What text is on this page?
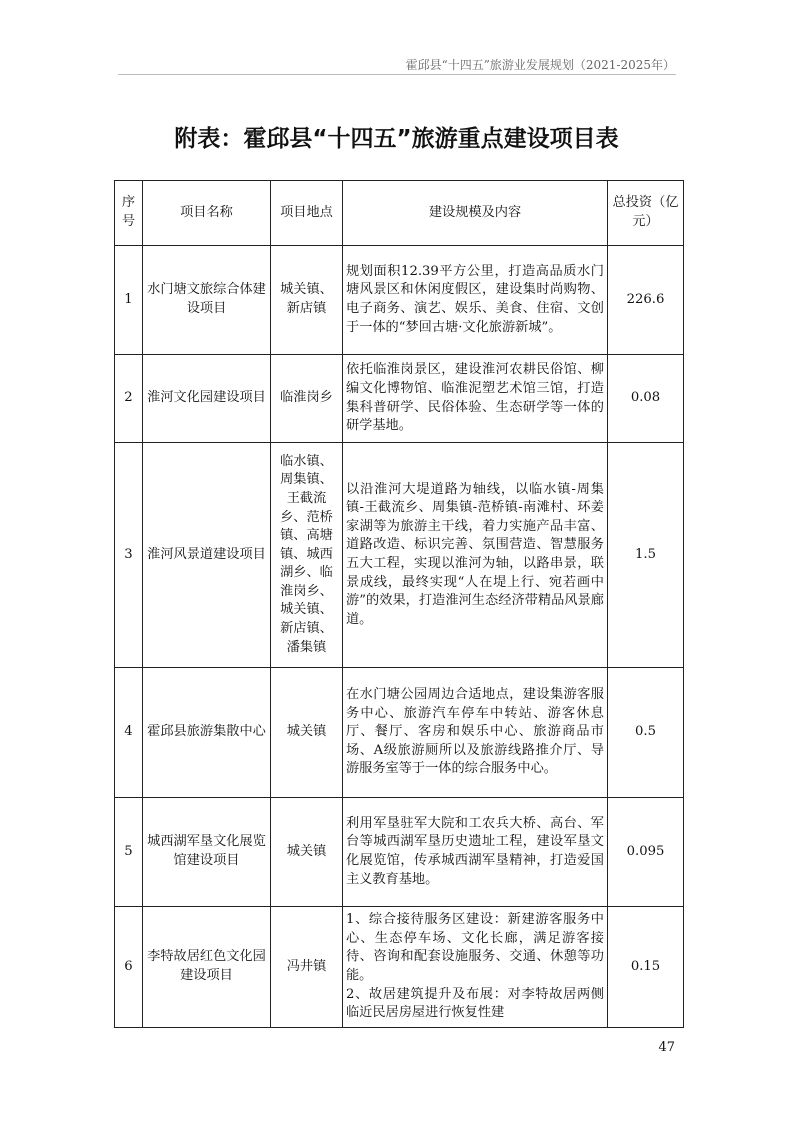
霍邱县“十四五”旅游业发展规划（2021-2025年）
附表：霍邱县“十四五”旅游重点建设项目表
序号	项目名称	项目地点	建设规模及内容	总投资（亿元）
1	水门塘文旅综合体建设项目	城关镇、新店镇	规划面积12.39平方公里，打造高品质水门塘风景区和休闲度假区，建设集时尚购物、电子商务、演艺、娱乐、美食、住宿、文创于一体的“梦回古塘·文化旅游新城”。	226.6
2	淮河文化园建设项目	临淮岗乡	依托临淮岗景区，建设淮河农耕民俗馆、柳编文化博物馆、临淮泥塑艺术馆三馆，打造集科普研学、民俗体验、生态研学等一体的研学基地。	0.08
3	淮河风景道建设项目	临水镇、周集镇、王截流乡、范桥镇、高塘镇、城西湖乡、临淮岗乡、城关镇、新店镇、潘集镇	以沿淮河大堤道路为轴线，以临水镇-周集镇-王截流乡、周集镇-范桥镇-南滩村、环姜家湖等为旅游主干线，着力实施产品丰富、道路改造、标识完善、氛围营造、智慧服务五大工程，实现以淮河为轴，以路串景，联景成线，最终实现“人在堤上行、宛若画中游”的效果，打造淮河生态经济带精品风景廊道。	1.5
4	霍邱县旅游集散中心	城关镇	在水门塘公园周边合适地点，建设集游客服务中心、旅游汽车停车中转站、游客休息厅、餐厅、客房和娱乐中心、旅游商品市场、A级旅游厕所以及旅游线路推介厅、导游服务室等于一体的综合服务中心。	0.5
5	城西湖军垦文化展览馆建设项目	城关镇	利用军垦驻军大院和工农兵大桥、高台、军台等城西湖军垦历史遗址工程，建设军垦文化展览馆，传承城西湖军垦精神，打造爱国主义教育基地。	0.095
6	李特故居红色文化园建设项目	冯井镇	1、综合接待服务区建设：新建游客服务中心、生态停车场、文化长廊，满足游客接待、咨询和配套设施服务、交通、休憩等功能。
2、故居建筑提升及布展：对李特故居两侧临近民居房屋进行恢复性建	0.15
47
